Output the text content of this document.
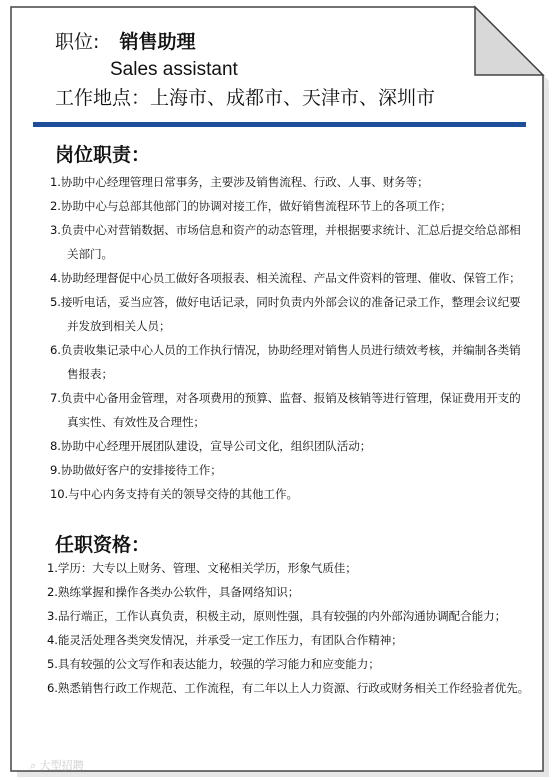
职位: 销售助理
Sales assistant
工作地点：上海市、成都市、天津市、深圳市
岗位职责：
1.协助中心经理管理日常事务，主要涉及销售流程、行政、人事、财务等；
2.协助中心与总部其他部门的协调对接工作，做好销售流程环节上的各项工作；
3.负责中心对营销数据、市场信息和资产的动态管理，并根据要求统计、汇总后提交给总部相关部门。
4.协助经理督促中心员工做好各项报表、相关流程、产品文件资料的管理、催收、保管工作；
5.接听电话，妥当应答，做好电话记录，同时负责内外部会议的准备记录工作，整理会议纪要并发放到相关人员；
6.负责收集记录中心人员的工作执行情况，协助经理对销售人员进行绩效考核，并编制各类销售报表；
7.负责中心备用金管理，对各项费用的预算、监督、报销及核销等进行管理，保证费用开支的真实性、有效性及合理性；
8.协助中心经理开展团队建设，宣导公司文化，组织团队活动；
9.协助做好客户的安排接待工作；
10.与中心内务支持有关的领导交待的其他工作。
任职资格：
1.学历：大专以上财务、管理、文秘相关学历，形象气质佳；
2.熟练掌握和操作各类办公软件，具备网络知识；
3.品行端正，工作认真负责，积极主动，原则性强，具有较强的内外部沟通协调配合能力；
4.能灵活处理各类突发情况，并承受一定工作压力，有团队合作精神；
5.具有较强的公文写作和表达能力，较强的学习能力和应变能力；
6.熟悉销售行政工作规范、工作流程，有二年以上人力资源、行政或财务相关工作经验者优先。
⌕ 大型招聘
